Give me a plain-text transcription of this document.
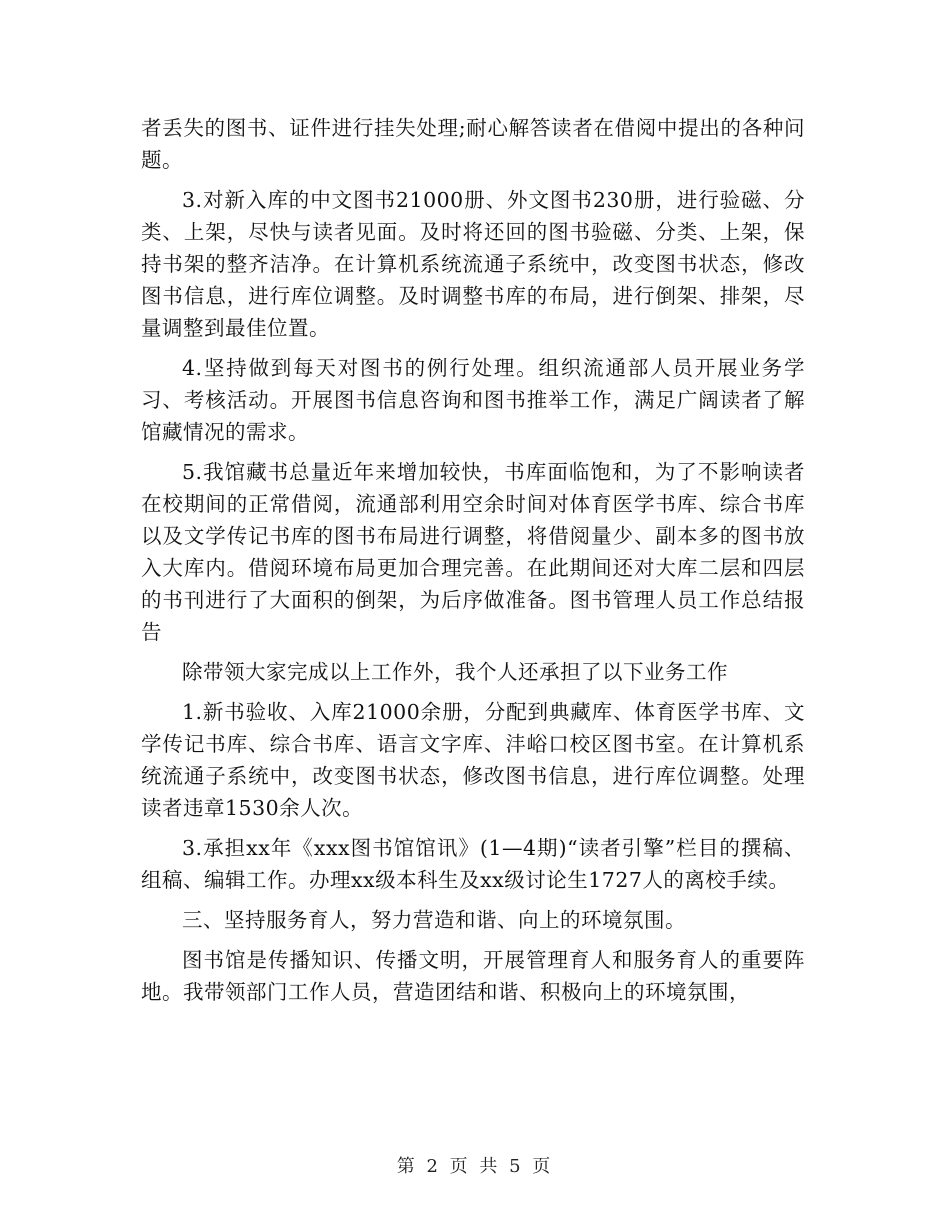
者丢失的图书、证件进行挂失处理;耐心解答读者在借阅中提出的各种问题。

3.对新入库的中文图书21000册、外文图书230册，进行验磁、分类、上架，尽快与读者见面。及时将还回的图书验磁、分类、上架，保持书架的整齐洁净。在计算机系统流通子系统中，改变图书状态，修改图书信息，进行库位调整。及时调整书库的布局，进行倒架、排架，尽量调整到最佳位置。

4.坚持做到每天对图书的例行处理。组织流通部人员开展业务学习、考核活动。开展图书信息咨询和图书推举工作，满足广阔读者了解馆藏情况的需求。

5.我馆藏书总量近年来增加较快，书库面临饱和，为了不影响读者在校期间的正常借阅，流通部利用空余时间对体育医学书库、综合书库以及文学传记书库的图书布局进行调整，将借阅量少、副本多的图书放入大库内。借阅环境布局更加合理完善。在此期间还对大库二层和四层的书刊进行了大面积的倒架，为后序做准备。图书管理人员工作总结报告

除带领大家完成以上工作外，我个人还承担了以下业务工作

1.新书验收、入库21000余册，分配到典藏库、体育医学书库、文学传记书库、综合书库、语言文字库、沣峪口校区图书室。在计算机系统流通子系统中，改变图书状态，修改图书信息，进行库位调整。处理读者违章1530余人次。

3.承担xx年《xxx图书馆馆讯》(1—4期)“读者引擎”栏目的撰稿、组稿、编辑工作。办理xx级本科生及xx级讨论生1727人的离校手续。

三、坚持服务育人，努力营造和谐、向上的环境氛围。

图书馆是传播知识、传播文明，开展管理育人和服务育人的重要阵地。我带领部门工作人员，营造团结和谐、积极向上的环境氛围，

第 2 页 共 5 页
